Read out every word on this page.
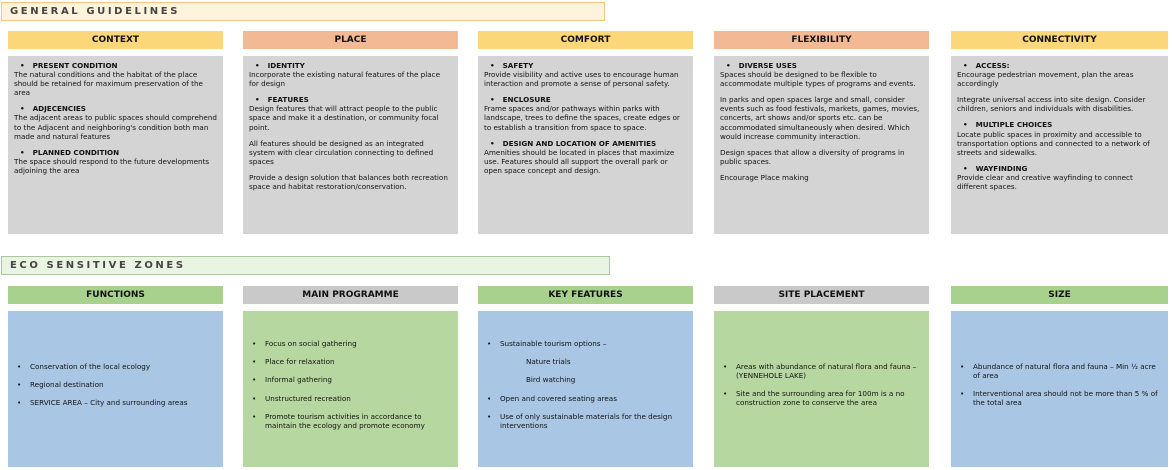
GENERAL GUIDELINES
CONTEXT
• PRESENT CONDITION

The natural conditions and the habitat of the place should be retained for maximum preservation of the area

• ADJECENCIES

The adjacent areas to public spaces should comprehend to the Adjacent and neighboring's condition both man made and natural features

• PLANNED CONDITION

The space should respond to the future developments adjoining the area

PLACE
• IDENTITY

Incorporate the existing natural features of the place for design

• FEATURES

Design features that will attract people to the public space and make it a destination, or community focal point.

All features should be designed as an integrated system with clear circulation connecting to defined spaces

Provide a design solution that balances both recreation space and habitat restoration/conservation.

COMFORT
• SAFETY

Provide visibility and active uses to encourage human interaction and promote a sense of personal safety.

• ENCLOSURE

Frame spaces and/or pathways within parks with landscape, trees to define the spaces, create edges or to establish a transition from space to space.

• DESIGN AND LOCATION OF AMENITIES

Amenities should be located in places that maximize use. Features should all support the overall park or open space concept and design.

FLEXIBILITY
• DIVERSE USES

Spaces should be designed to be flexible to accommodate multiple types of programs and events.

In parks and open spaces large and small, consider events such as food festivals, markets, games, movies, concerts, art shows and/or sports etc. can be accommodated simultaneously when desired. Which would increase community interaction.

Design spaces that allow a diversity of programs in public spaces.

Encourage Place making

CONNECTIVITY
• ACCESS:

Encourage pedestrian movement, plan the areas accordingly

Integrate universal access into site design. Consider children, seniors and individuals with disabilities.

• MULTIPLE CHOICES

Locate public spaces in proximity and accessible to transportation options and connected to a network of streets and sidewalks.

• WAYFINDING

Provide clear and creative wayfinding to connect different spaces.

ECO SENSITIVE ZONES
FUNCTIONS
• Conservation of the local ecology
• Regional destination
• SERVICE AREA – City and surrounding areas
MAIN PROGRAMME
• Focus on social gathering
• Place for relaxation
• Informal gathering
• Unstructured recreation
• Promote tourism activities in accordance to maintain the ecology and promote economy
KEY FEATURES
• Sustainable tourism options –
Nature trials
Bird watching
• Open and covered seating areas
• Use of only sustainable materials for the design interventions
SITE PLACEMENT
• Areas with abundance of natural flora and fauna – (YENNEHOLE LAKE)
• Site and the surrounding area for 100m is a no construction zone to conserve the area
SIZE
• Abundance of natural flora and fauna – Min ½ acre of area
• Interventional area should not be more than 5 % of the total area
